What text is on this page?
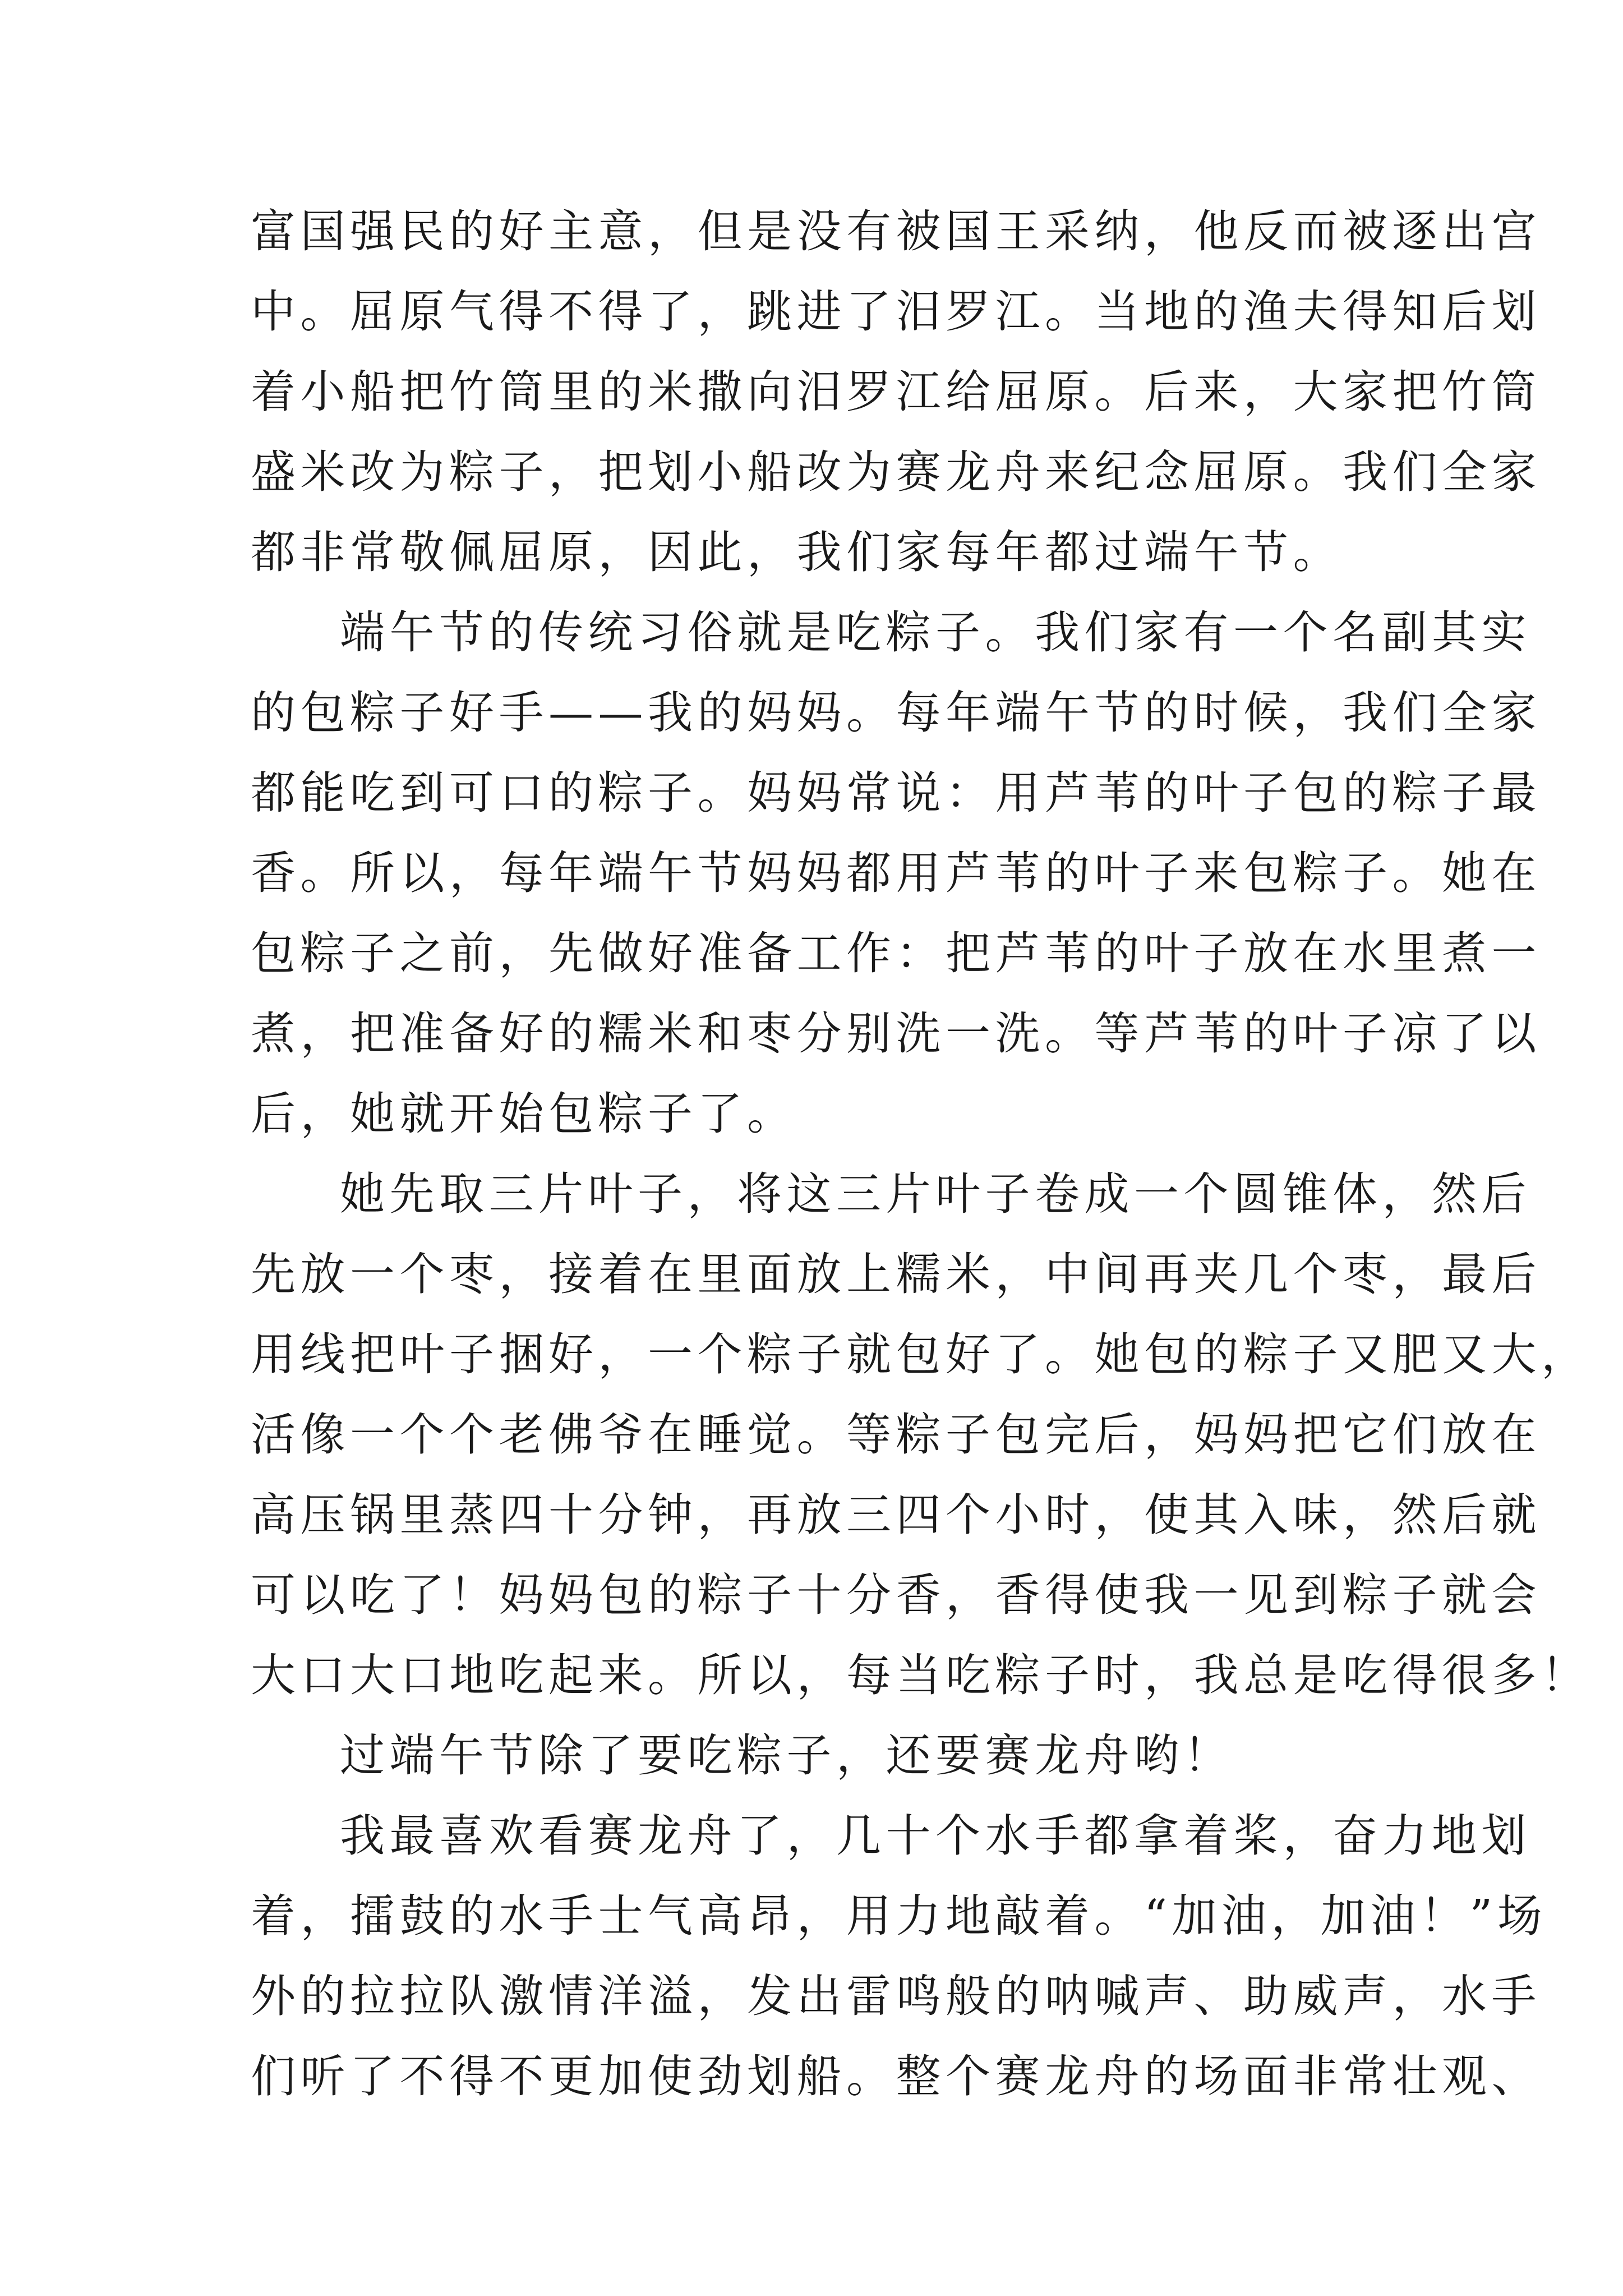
富国强民的好主意，但是没有被国王采纳，他反而被逐出宫
中。屈原气得不得了，跳进了汨罗江。当地的渔夫得知后划
着小船把竹筒里的米撒向汨罗江给屈原。后来，大家把竹筒
盛米改为粽子，把划小船改为赛龙舟来纪念屈原。我们全家
都非常敬佩屈原，因此，我们家每年都过端午节。
端午节的传统习俗就是吃粽子。我们家有一个名副其实
的包粽子好手——我的妈妈。每年端午节的时候，我们全家
都能吃到可口的粽子。妈妈常说：用芦苇的叶子包的粽子最
香。所以，每年端午节妈妈都用芦苇的叶子来包粽子。她在
包粽子之前，先做好准备工作：把芦苇的叶子放在水里煮一
煮，把准备好的糯米和枣分别洗一洗。等芦苇的叶子凉了以
后，她就开始包粽子了。
她先取三片叶子，将这三片叶子卷成一个圆锥体，然后
先放一个枣，接着在里面放上糯米，中间再夹几个枣，最后
用线把叶子捆好，一个粽子就包好了。她包的粽子又肥又大，
活像一个个老佛爷在睡觉。等粽子包完后，妈妈把它们放在
高压锅里蒸四十分钟，再放三四个小时，使其入味，然后就
可以吃了！妈妈包的粽子十分香，香得使我一见到粽子就会
大口大口地吃起来。所以，每当吃粽子时，我总是吃得很多！
过端午节除了要吃粽子，还要赛龙舟哟！
我最喜欢看赛龙舟了，几十个水手都拿着桨，奋力地划
着，擂鼓的水手士气高昂，用力地敲着。“加油，加油！”场
外的拉拉队激情洋溢，发出雷鸣般的呐喊声、助威声，水手
们听了不得不更加使劲划船。整个赛龙舟的场面非常壮观、
